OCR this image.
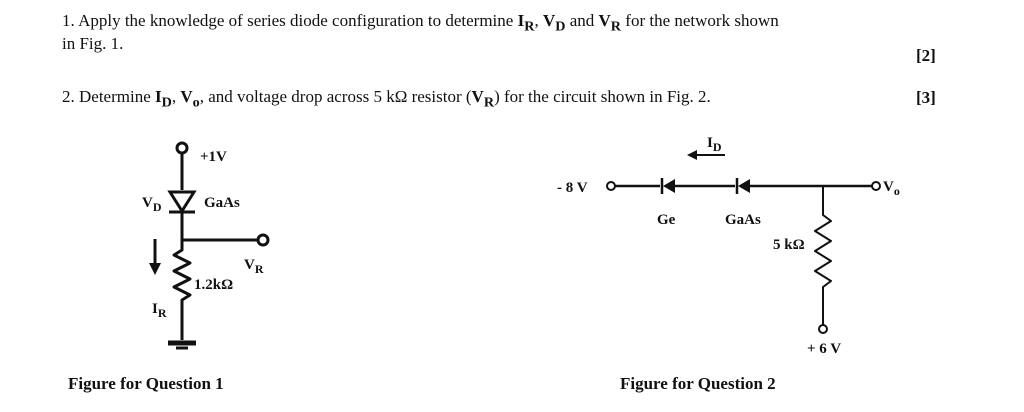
1. Apply the knowledge of series diode configuration to determine $I_R$, $V_D$ and $V_R$ for the network shown
in Fig. 1.
[2]
2. Determine $I_D$, $V_o$, and voltage drop across 5 kΩ resistor $(V_R)$ for the circuit shown in Fig. 2.	[3]
+1V
$V_D$	GaAs
$V_R$
1.2kΩ
$I_R$
$I_D$
- 8 V
Ge	GaAs
$V_o$
5 kΩ
+ 6 V
Figure for Question 1	Figure for Question 2
